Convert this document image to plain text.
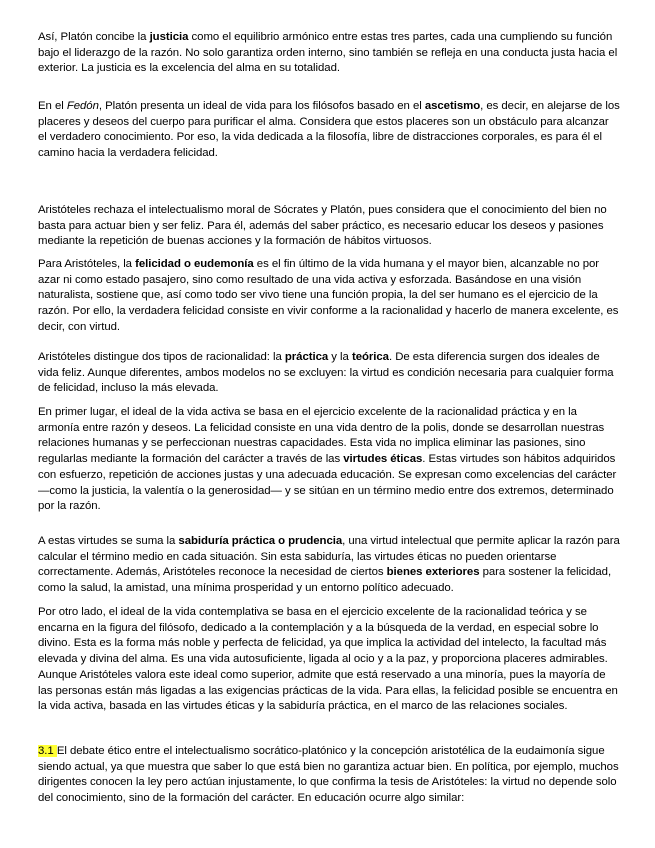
Así, Platón concibe la justicia como el equilibrio armónico entre estas tres partes, cada una cumpliendo su función bajo el liderazgo de la razón. No solo garantiza orden interno, sino también se refleja en una conducta justa hacia el exterior. La justicia es la excelencia del alma en su totalidad.

En el Fedón, Platón presenta un ideal de vida para los filósofos basado en el ascetismo, es decir, en alejarse de los placeres y deseos del cuerpo para purificar el alma. Considera que estos placeres son un obstáculo para alcanzar el verdadero conocimiento. Por eso, la vida dedicada a la filosofía, libre de distracciones corporales, es para él el camino hacia la verdadera felicidad.

Aristóteles rechaza el intelectualismo moral de Sócrates y Platón, pues considera que el conocimiento del bien no basta para actuar bien y ser feliz. Para él, además del saber práctico, es necesario educar los deseos y pasiones mediante la repetición de buenas acciones y la formación de hábitos virtuosos.

Para Aristóteles, la felicidad o eudemonía es el fin último de la vida humana y el mayor bien, alcanzable no por azar ni como estado pasajero, sino como resultado de una vida activa y esforzada. Basándose en una visión naturalista, sostiene que, así como todo ser vivo tiene una función propia, la del ser humano es el ejercicio de la razón. Por ello, la verdadera felicidad consiste en vivir conforme a la racionalidad y hacerlo de manera excelente, es decir, con virtud.

Aristóteles distingue dos tipos de racionalidad: la práctica y la teórica. De esta diferencia surgen dos ideales de vida feliz. Aunque diferentes, ambos modelos no se excluyen: la virtud es condición necesaria para cualquier forma de felicidad, incluso la más elevada.

En primer lugar, el ideal de la vida activa se basa en el ejercicio excelente de la racionalidad práctica y en la armonía entre razón y deseos. La felicidad consiste en una vida dentro de la polis, donde se desarrollan nuestras relaciones humanas y se perfeccionan nuestras capacidades. Esta vida no implica eliminar las pasiones, sino regularlas mediante la formación del carácter a través de las virtudes éticas. Estas virtudes son hábitos adquiridos con esfuerzo, repetición de acciones justas y una adecuada educación. Se expresan como excelencias del carácter —como la justicia, la valentía o la generosidad— y se sitúan en un término medio entre dos extremos, determinado por la razón.

A estas virtudes se suma la sabiduría práctica o prudencia, una virtud intelectual que permite aplicar la razón para calcular el término medio en cada situación. Sin esta sabiduría, las virtudes éticas no pueden orientarse correctamente. Además, Aristóteles reconoce la necesidad de ciertos bienes exteriores para sostener la felicidad, como la salud, la amistad, una mínima prosperidad y un entorno político adecuado.

Por otro lado, el ideal de la vida contemplativa se basa en el ejercicio excelente de la racionalidad teórica y se encarna en la figura del filósofo, dedicado a la contemplación y a la búsqueda de la verdad, en especial sobre lo divino. Esta es la forma más noble y perfecta de felicidad, ya que implica la actividad del intelecto, la facultad más elevada y divina del alma. Es una vida autosuficiente, ligada al ocio y a la paz, y proporciona placeres admirables. Aunque Aristóteles valora este ideal como superior, admite que está reservado a una minoría, pues la mayoría de las personas están más ligadas a las exigencias prácticas de la vida. Para ellas, la felicidad posible se encuentra en la vida activa, basada en las virtudes éticas y la sabiduría práctica, en el marco de las relaciones sociales.

3.1 El debate ético entre el intelectualismo socrático-platónico y la concepción aristotélica de la eudaimonía sigue siendo actual, ya que muestra que saber lo que está bien no garantiza actuar bien. En política, por ejemplo, muchos dirigentes conocen la ley pero actúan injustamente, lo que confirma la tesis de Aristóteles: la virtud no depende solo del conocimiento, sino de la formación del carácter. En educación ocurre algo similar:
